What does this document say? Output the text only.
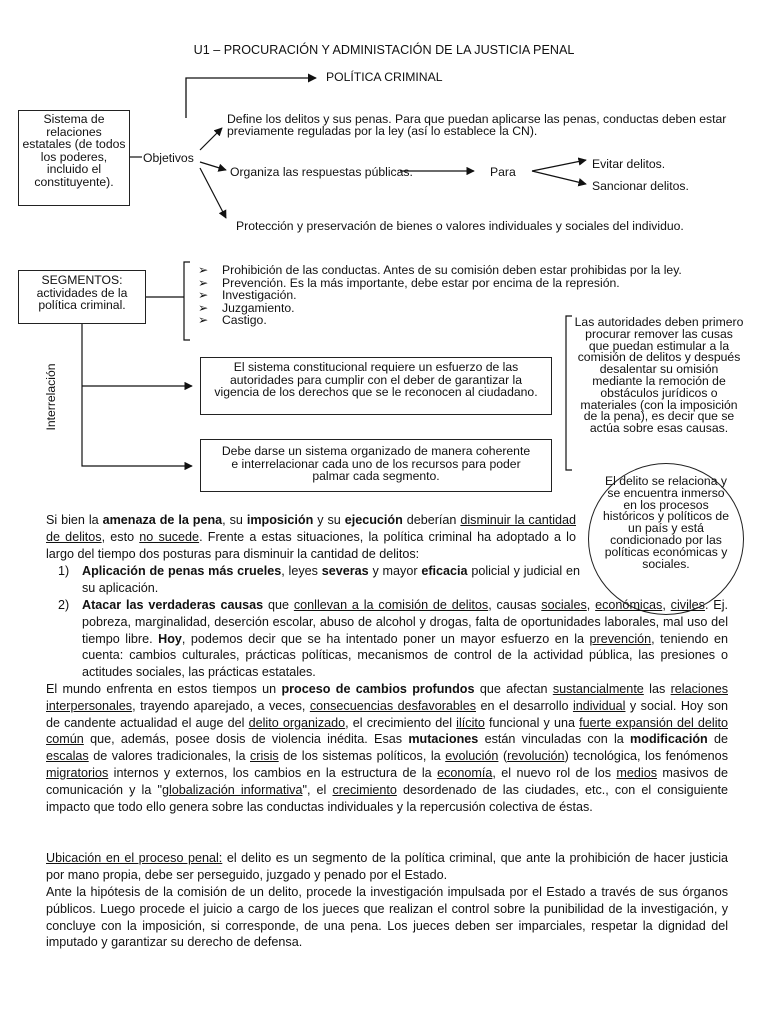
U1 – PROCURACIÓN Y ADMINISTACIÓN DE LA JUSTICIA PENAL
POLÍTICA CRIMINAL
Sistema de relaciones estatales (de todos los poderes, incluido el constituyente).
Objetivos
Define los delitos y sus penas. Para que puedan aplicarse las penas, conductas deben estar previamente reguladas por la ley (así lo establece la CN).
Organiza las respuestas públicas.	Para
Evitar delitos.
Sancionar delitos.
Protección y preservación de bienes o valores individuales y sociales del individuo.
SEGMENTOS: actividades de la política criminal.
➢ Prohibición de las conductas. Antes de su comisión deben estar prohibidas por la ley.
➢ Prevención. Es la más importante, debe estar por encima de la represión.
➢ Investigación.
➢ Juzgamiento.
➢ Castigo.
Interrelación	El sistema constitucional requiere un esfuerzo de las autoridades para cumplir con el deber de garantizar la vigencia de los derechos que se le reconocen al ciudadano.
Debe darse un sistema organizado de manera coherente e interrelacionar cada uno de los recursos para poder palmar cada segmento.
Las autoridades deben primero procurar remover las cusas que puedan estimular a la comisión de delitos y después desalentar su omisión mediante la remoción de obstáculos jurídicos o materiales (con la imposición de la pena), es decir que se actúa sobre esas causas.
El delito se relaciona y se encuentra inmerso en los procesos históricos y políticos de un país y está condicionado por las políticas económicas y sociales.
Si bien la amenaza de la pena, su imposición y su ejecución deberían disminuir la cantidad de delitos, esto no sucede. Frente a estas situaciones, la política criminal ha adoptado a lo largo del tiempo dos posturas para disminuir la cantidad de delitos:
1) Aplicación de penas más crueles, leyes severas y mayor eficacia policial y judicial en su aplicación.
2) Atacar las verdaderas causas que conllevan a la comisión de delitos, causas sociales, económicas, civiles. Ej. pobreza, marginalidad, deserción escolar, abuso de alcohol y drogas, falta de oportunidades laborales, mal uso del tiempo libre. Hoy, podemos decir que se ha intentado poner un mayor esfuerzo en la prevención, teniendo en cuenta: cambios culturales, prácticas políticas, mecanismos de control de la actividad pública, las presiones o actitudes sociales, las prácticas estatales.
El mundo enfrenta en estos tiempos un proceso de cambios profundos que afectan sustancialmente las relaciones interpersonales, trayendo aparejado, a veces, consecuencias desfavorables en el desarrollo individual y social. Hoy son de candente actualidad el auge del delito organizado, el crecimiento del ilícito funcional y una fuerte expansión del delito común que, además, posee dosis de violencia inédita. Esas mutaciones están vinculadas con la modificación de escalas de valores tradicionales, la crisis de los sistemas políticos, la evolución (revolución) tecnológica, los fenómenos migratorios internos y externos, los cambios en la estructura de la economía, el nuevo rol de los medios masivos de comunicación y la "globalización informativa", el crecimiento desordenado de las ciudades, etc., con el consiguiente impacto que todo ello genera sobre las conductas individuales y la repercusión colectiva de éstas.
Ubicación en el proceso penal: el delito es un segmento de la política criminal, que ante la prohibición de hacer justicia por mano propia, debe ser perseguido, juzgado y penado por el Estado.
Ante la hipótesis de la comisión de un delito, procede la investigación impulsada por el Estado a través de sus órganos públicos. Luego procede el juicio a cargo de los jueces que realizan el control sobre la punibilidad de la investigación, y concluye con la imposición, si corresponde, de una pena. Los jueces deben ser imparciales, respetar la dignidad del imputado y garantizar su derecho de defensa.
